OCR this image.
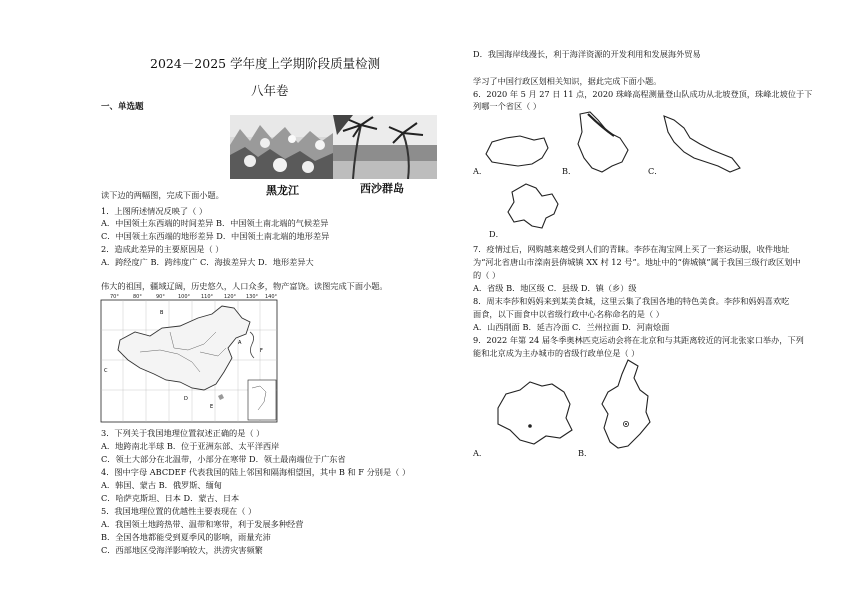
2024－2025 学年度上学期阶段质量检测
八年卷
一、单选题
黑龙江	西沙群岛
读下边的两幅图，完成下面小题。
1．上图所述情况反映了（ ）
A．中国领土东西端的时间差异 B．中国领土南北端的气候差异
C．中国领土东西端的地形差异 D．中国领土南北端的地形差异
2．造成此差异的主要原因是（ ）
A．跨经度广 B．跨纬度广 C．海拔差异大 D．地形差异大
伟大的祖国，疆域辽阔，历史悠久，人口众多，物产富饶。读图完成下面小题。
70°	80°	90°	100° 110° 120° 130° 140°
C
B
A
F
D
E
3．下列关于我国地理位置叙述正确的是（ ）
A．地跨南北半球 B．位于亚洲东部、太平洋西岸
C．领土大部分在北温带，小部分在寒带 D．领土最南端位于广东省
4．图中字母 ABCDEF 代表我国的陆上邻国和隔海相望国，其中 B 和 F 分别是（ ）
A．韩国、蒙古 B．俄罗斯、缅甸
C．哈萨克斯坦、日本 D．蒙古、日本
5．我国地理位置的优越性主要表现在（ ）
A．我国领土地跨热带、温带和寒带，利于发展多种经营
B．全国各地都能受到夏季风的影响，雨量充沛
C．西部地区受海洋影响较大，洪涝灾害频繁
D．我国海岸线漫长，利于海洋资源的开发利用和发展海外贸易
学习了中国行政区划相关知识，据此完成下面小题。
6．2020 年 5 月 27 日 11 点，2020 珠峰高程测量登山队成功从北坡登顶，珠峰北坡位于下
列哪一个省区（ ）
A．	B．	C．
D．
7．疫情过后，网购越来越受到人们的青睐。李莎在淘宝网上买了一套运动服，收件地址
为“河北省唐山市滦南县倴城镇 XX 村 12 号”。地址中的“倴城镇”属于我国三级行政区划中
的（ ）
A．省级 B．地区级 C．县级 D．镇（乡）级
8．周末李莎和妈妈来到某美食城，这里云集了我国各地的特色美食。李莎和妈妈喜欢吃
面食，以下面食中以省级行政中心名称命名的是（ ）
A．山西削面 B．延吉冷面 C．兰州拉面 D．河南烩面
9．2022 年第 24 届冬季奥林匹克运动会将在北京和与其距离较近的河北张家口举办，下列
能和北京成为主办城市的省级行政单位是（ ）
A．	B．
